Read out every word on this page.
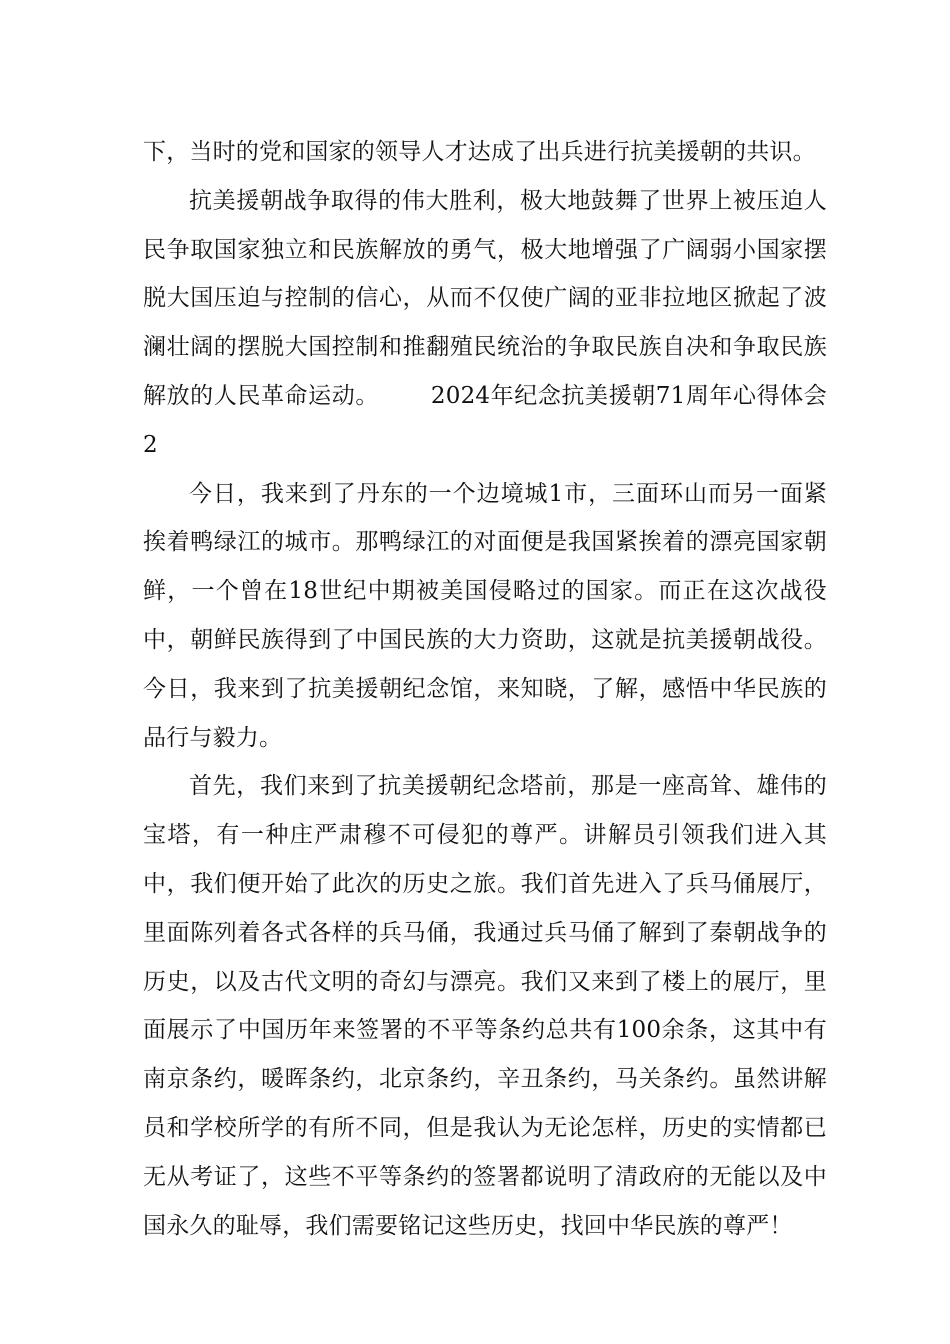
下，当时的党和国家的领导人才达成了出兵进行抗美援朝的共识。

抗美援朝战争取得的伟大胜利，极大地鼓舞了世界上被压迫人民争取国家独立和民族解放的勇气，极大地增强了广阔弱小国家摆脱大国压迫与控制的信心，从而不仅使广阔的亚非拉地区掀起了波澜壮阔的摆脱大国控制和推翻殖民统治的争取民族自决和争取民族解放的人民革命运动。 2024年纪念抗美援朝71周年心得体会2

今日，我来到了丹东的一个边境城1市，三面环山而另一面紧挨着鸭绿江的城市。那鸭绿江的对面便是我国紧挨着的漂亮国家朝鲜，一个曾在18世纪中期被美国侵略过的国家。而正在这次战役中，朝鲜民族得到了中国民族的大力资助，这就是抗美援朝战役。今日，我来到了抗美援朝纪念馆，来知晓，了解，感悟中华民族的品行与毅力。

首先，我们来到了抗美援朝纪念塔前，那是一座高耸、雄伟的宝塔，有一种庄严肃穆不可侵犯的尊严。讲解员引领我们进入其中，我们便开始了此次的历史之旅。我们首先进入了兵马俑展厅，里面陈列着各式各样的兵马俑，我通过兵马俑了解到了秦朝战争的历史，以及古代文明的奇幻与漂亮。我们又来到了楼上的展厅，里面展示了中国历年来签署的不平等条约总共有100余条，这其中有南京条约，暖晖条约，北京条约，辛丑条约，马关条约。虽然讲解员和学校所学的有所不同，但是我认为无论怎样，历史的实情都已无从考证了，这些不平等条约的签署都说明了清政府的无能以及中国永久的耻辱，我们需要铭记这些历史，找回中华民族的尊严！
